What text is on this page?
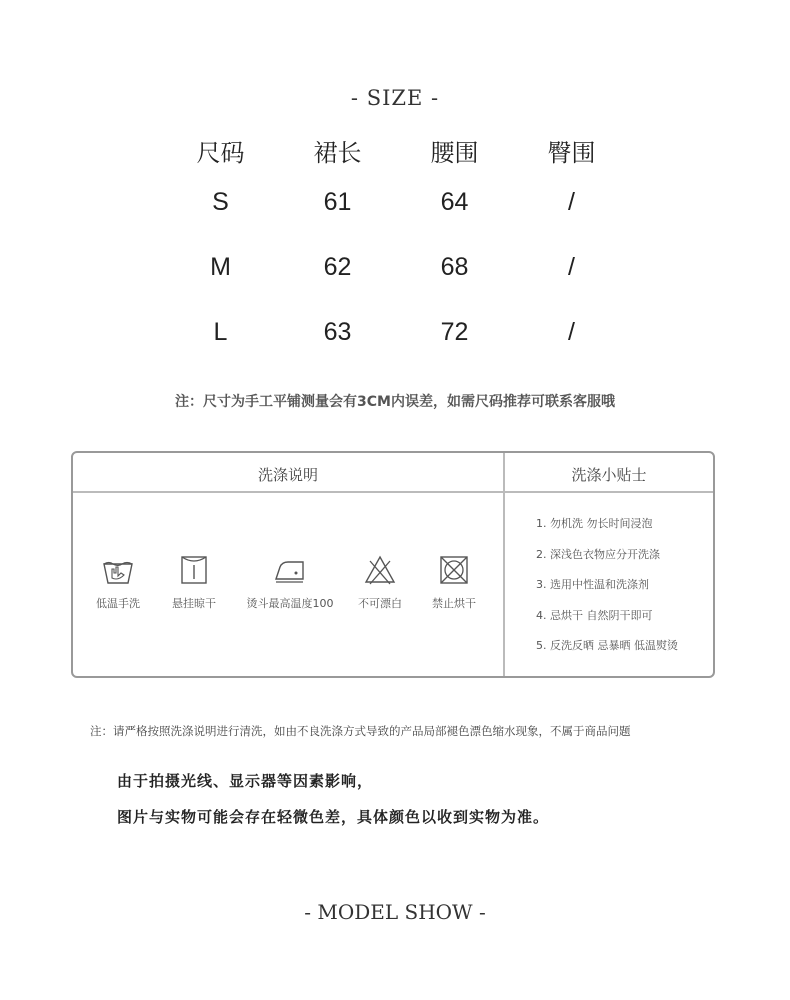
- SIZE -
尺码	裙长	腰围	臀围
S	61	64	/
M	62	68	/
L	63	72	/
注：尺寸为手工平铺测量会有3CM内误差，如需尺码推荐可联系客服哦
洗涤说明	洗涤小贴士
低温手洗	悬挂晾干	烫斗最高温度100 不可漂白	禁止烘干
1. 勿机洗 勿长时间浸泡
2. 深浅色衣物应分开洗涤
3. 选用中性温和洗涤剂
4. 忌烘干 自然阴干即可
5. 反洗反晒 忌暴晒 低温熨烫
注：请严格按照洗涤说明进行清洗，如由不良洗涤方式导致的产品局部褪色漂色缩水现象，不属于商品问题
由于拍摄光线、显示器等因素影响，
图片与实物可能会存在轻微色差，具体颜色以收到实物为准。
- MODEL SHOW -
